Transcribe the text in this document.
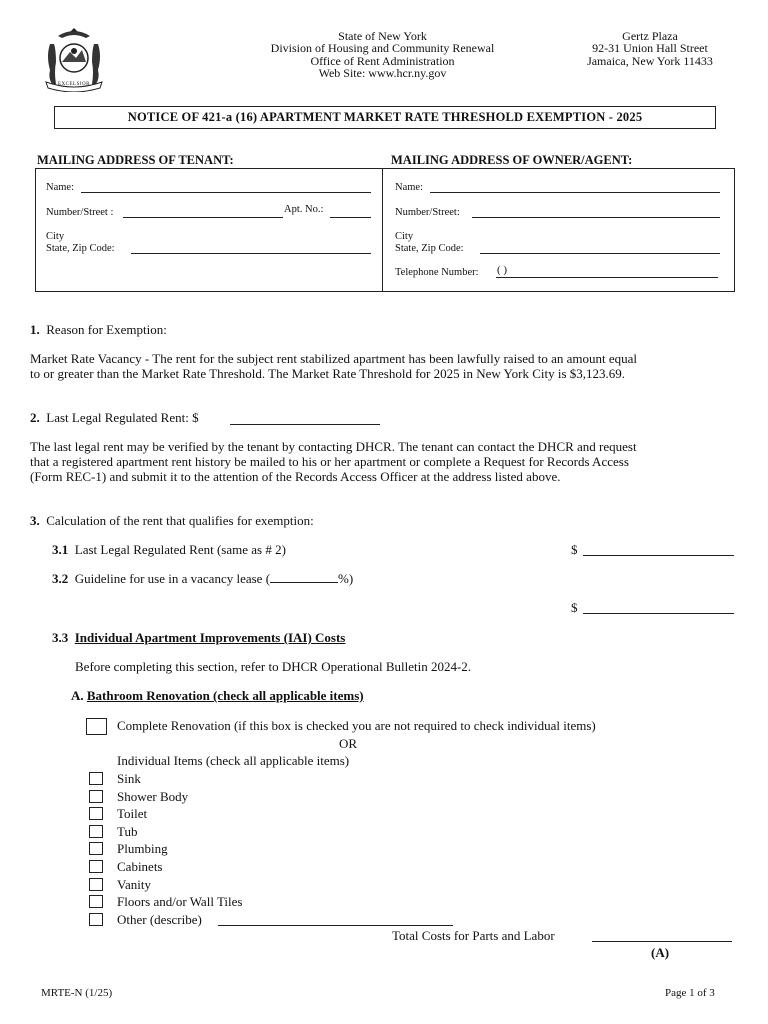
EXCELSIOR
State of New York
Division of Housing and Community Renewal
Office of Rent Administration
Web Site: www.hcr.ny.gov
Gertz Plaza
92-31 Union Hall Street
Jamaica, New York 11433
NOTICE OF 421-a (16) APARTMENT MARKET RATE THRESHOLD EXEMPTION - 2025
MAILING ADDRESS OF TENANT:	MAILING ADDRESS OF OWNER/AGENT:
Name:
Number/Street :	Apt. No.:
City
State, Zip Code:
Name:
Number/Street:
City
State, Zip Code:
Telephone Number: ( )
1. Reason for Exemption:
Market Rate Vacancy - The rent for the subject rent stabilized apartment has been lawfully raised to an amount equal
to or greater than the Market Rate Threshold. The Market Rate Threshold for 2025 in New York City is $3,123.69.
2. Last Legal Regulated Rent: $
The last legal rent may be verified by the tenant by contacting DHCR. The tenant can contact the DHCR and request
that a registered apartment rent history be mailed to his or her apartment or complete a Request for Records Access
(Form REC-1) and submit it to the attention of the Records Access Officer at the address listed above.
3. Calculation of the rent that qualifies for exemption:
3.1 Last Legal Regulated Rent (same as # 2)	$
3.2 Guideline for use in a vacancy lease (	%)
$
3.3 Individual Apartment Improvements (IAI) Costs
Before completing this section, refer to DHCR Operational Bulletin 2024-2.
A. Bathroom Renovation (check all applicable items)
Complete Renovation (if this box is checked you are not required to check individual items)
OR
Individual Items (check all applicable items)
Sink
Shower Body
Toilet
Tub
Plumbing
Cabinets
Vanity
Floors and/or Wall Tiles
Other (describe)
Total Costs for Parts and Labor
(A)
MRTE-N (1/25)	Page 1 of 3
